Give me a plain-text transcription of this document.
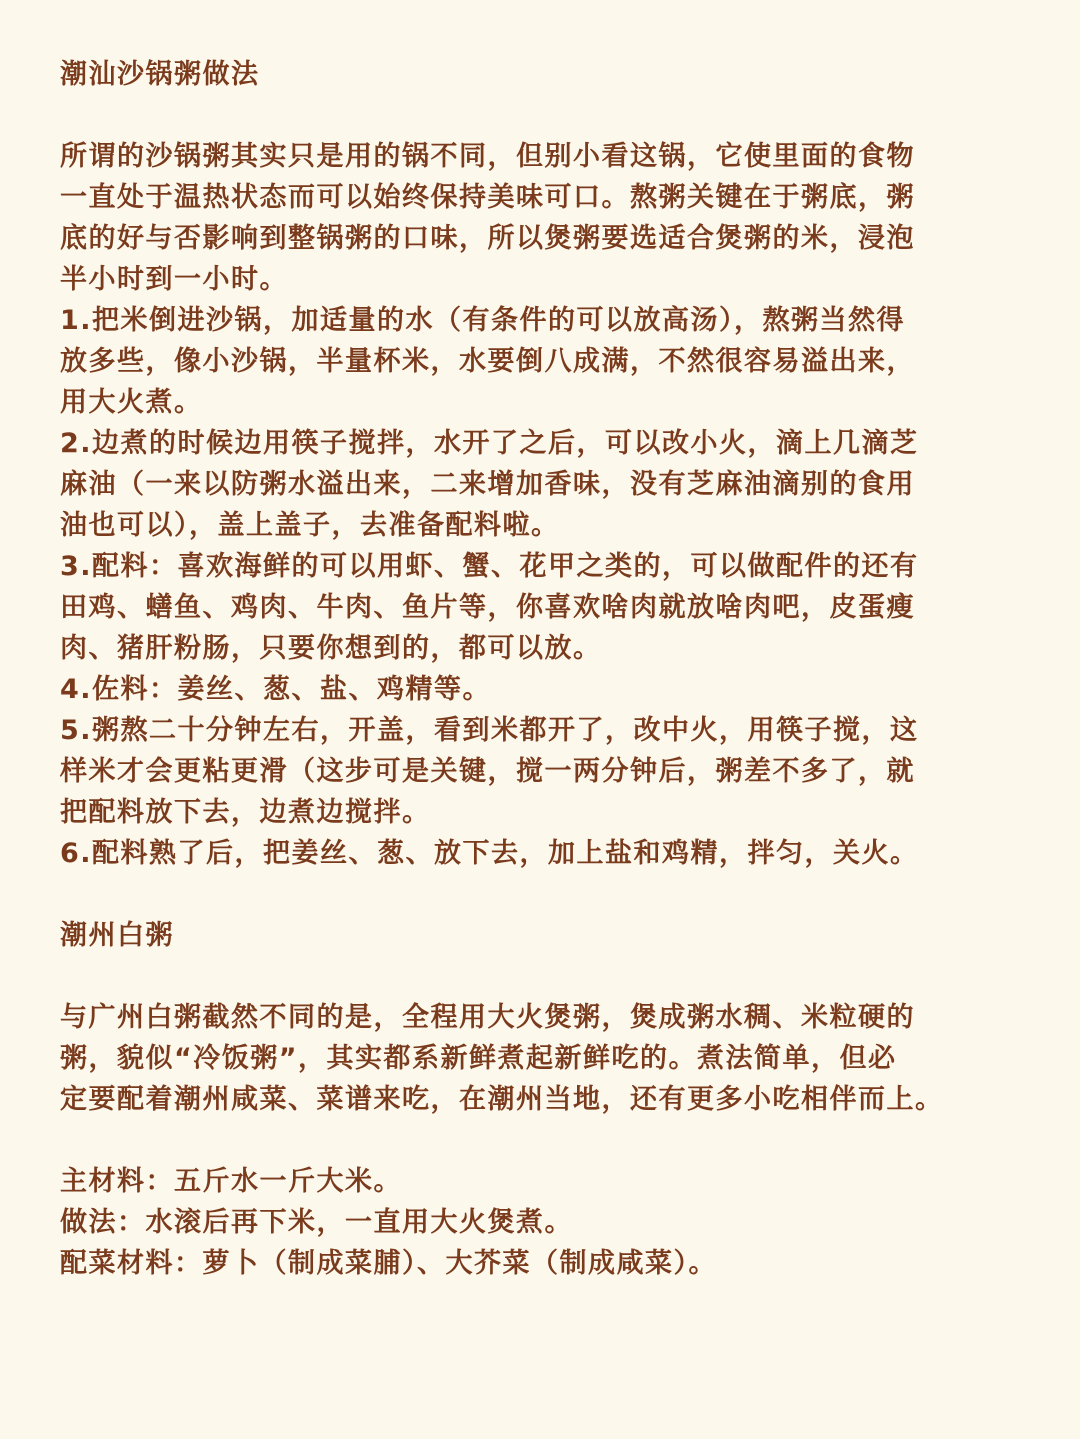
潮汕沙锅粥做法
所谓的沙锅粥其实只是用的锅不同，但别小看这锅，它使里面的食物
一直处于温热状态而可以始终保持美味可口。熬粥关键在于粥底，粥
底的好与否影响到整锅粥的口味，所以煲粥要选适合煲粥的米，浸泡
半小时到一小时。
1.把米倒进沙锅，加适量的水（有条件的可以放高汤），熬粥当然得
放多些，像小沙锅，半量杯米，水要倒八成满，不然很容易溢出来，
用大火煮。
2.边煮的时候边用筷子搅拌，水开了之后，可以改小火，滴上几滴芝
麻油（一来以防粥水溢出来，二来增加香味，没有芝麻油滴别的食用
油也可以），盖上盖子，去准备配料啦。
3.配料：喜欢海鲜的可以用虾、蟹、花甲之类的，可以做配件的还有
田鸡、蟮鱼、鸡肉、牛肉、鱼片等，你喜欢啥肉就放啥肉吧，皮蛋瘦
肉、猪肝粉肠，只要你想到的，都可以放。
4.佐料：姜丝、葱、盐、鸡精等。
5.粥熬二十分钟左右，开盖，看到米都开了，改中火，用筷子搅，这
样米才会更粘更滑（这步可是关键，搅一两分钟后，粥差不多了，就
把配料放下去，边煮边搅拌。
6.配料熟了后，把姜丝、葱、放下去，加上盐和鸡精，拌匀，关火。
潮州白粥
与广州白粥截然不同的是，全程用大火煲粥，煲成粥水稠、米粒硬的
粥，貌似“冷饭粥”，其实都系新鲜煮起新鲜吃的。煮法简单，但必
定要配着潮州咸菜、菜谱来吃，在潮州当地，还有更多小吃相伴而上。
主材料：五斤水一斤大米。
做法：水滚后再下米，一直用大火煲煮。
配菜材料：萝卜（制成菜脯）、大芥菜（制成咸菜）。
